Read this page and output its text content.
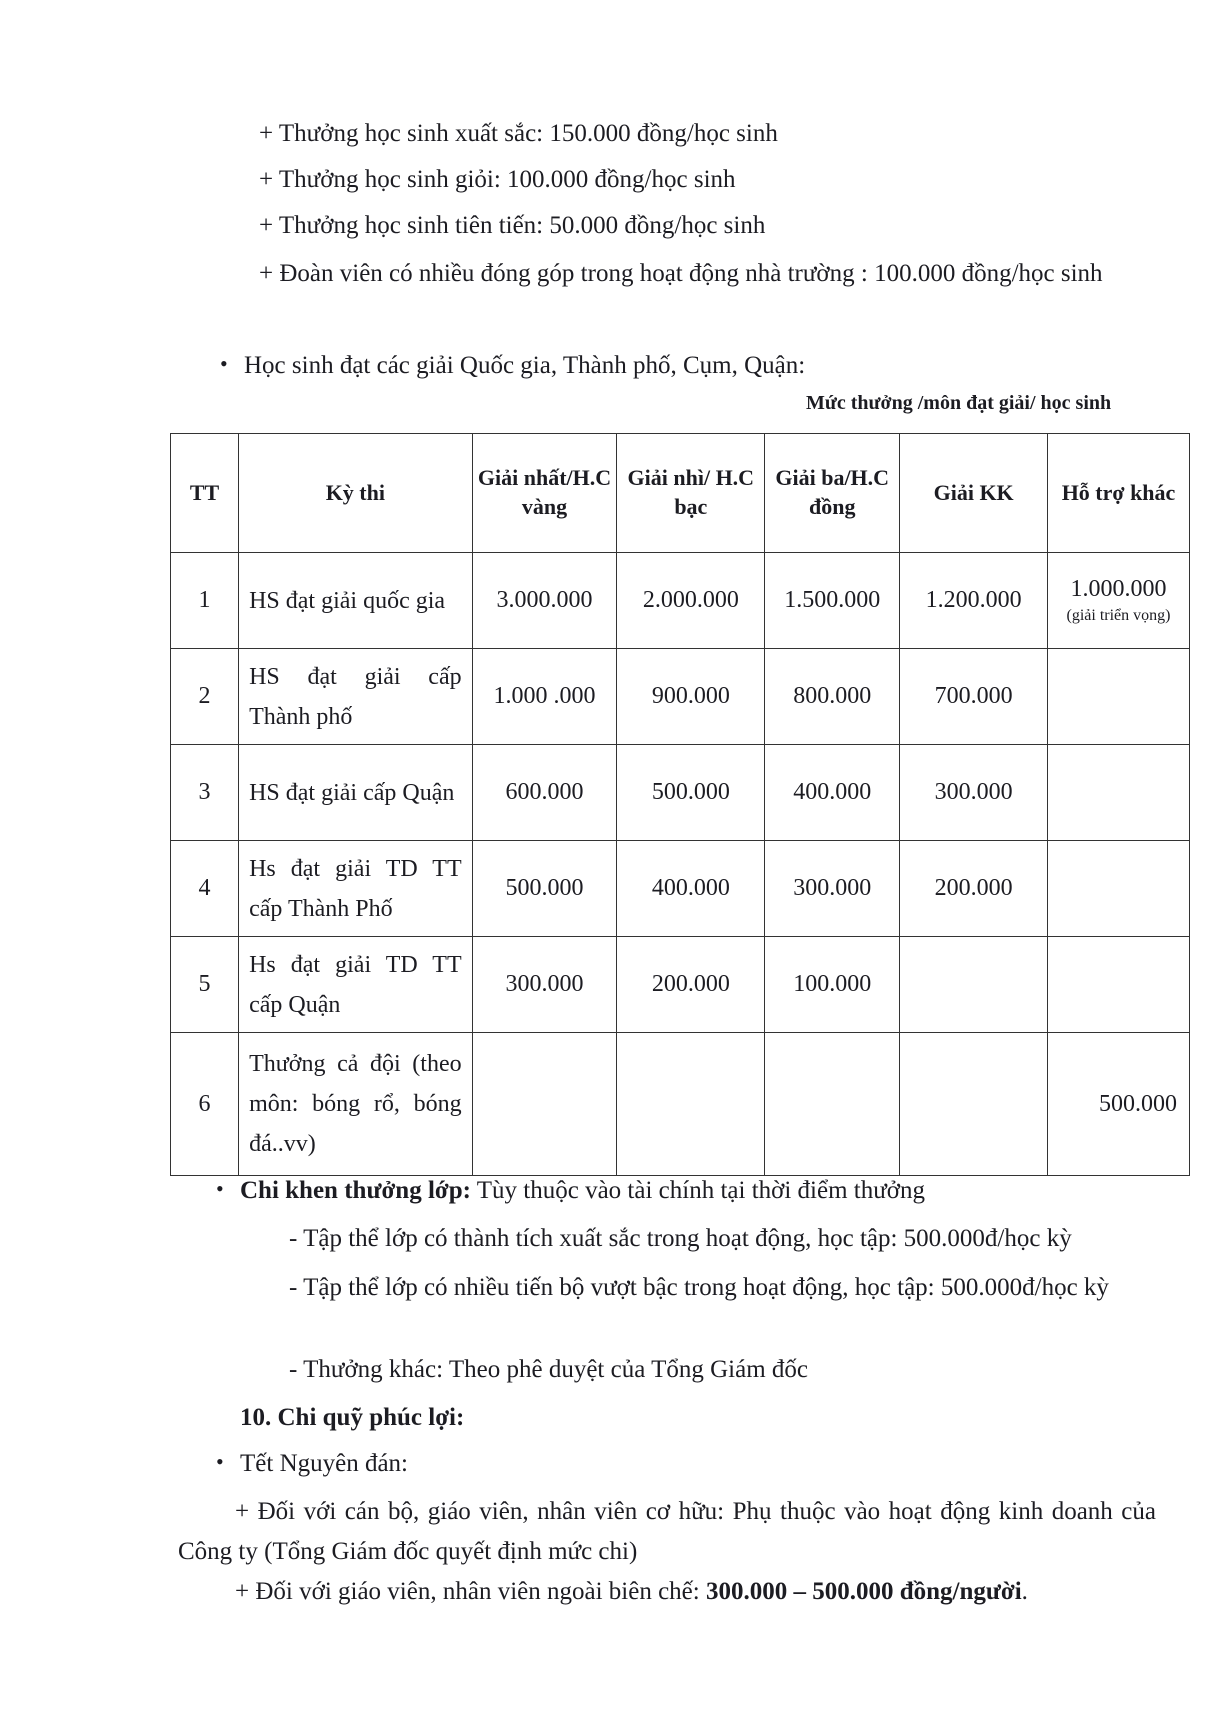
+ Thưởng học sinh xuất sắc: 150.000 đồng/học sinh
+ Thưởng học sinh giỏi: 100.000 đồng/học sinh
+ Thưởng học sinh tiên tiến: 50.000 đồng/học sinh
+ Đoàn viên có nhiều đóng góp trong hoạt động nhà trường : 100.000 đồng/học sinh
• Học sinh đạt các giải Quốc gia, Thành phố, Cụm, Quận:
Mức thưởng /môn đạt giải/ học sinh
TT	Kỳ thi	Giải nhất/H.C vàng	Giải nhì/ H.C bạc	Giải ba/H.C đồng	Giải KK	Hỗ trợ khác
1	HS đạt giải quốc gia	3.000.000	2.000.000	1.500.000	1.200.000	1.000.000
(giải triển vọng)

2	HS đạt giải cấp Thành phố	1.000 .000	900.000	800.000	700.000	
3	HS đạt giải cấp Quận	600.000	500.000	400.000	300.000	
4	Hs đạt giải TD TT cấp Thành Phố	500.000	400.000	300.000	200.000	
5	Hs đạt giải TD TT cấp Quận	300.000	200.000	100.000		
6	Thưởng cả đội (theo môn: bóng rổ, bóng đá..vv)					500.000
• Chi khen thưởng lớp: Tùy thuộc vào tài chính tại thời điểm thưởng
- Tập thể lớp có thành tích xuất sắc trong hoạt động, học tập: 500.000đ/học kỳ
- Tập thể lớp có nhiều tiến bộ vượt bậc trong hoạt động, học tập: 500.000đ/học kỳ
- Thưởng khác: Theo phê duyệt của Tổng Giám đốc
10. Chi quỹ phúc lợi:
• Tết Nguyên đán:
+ Đối với cán bộ, giáo viên, nhân viên cơ hữu: Phụ thuộc vào hoạt động kinh doanh của Công ty (Tổng Giám đốc quyết định mức chi)
+ Đối với giáo viên, nhân viên ngoài biên chế: 300.000 – 500.000 đồng/người.
